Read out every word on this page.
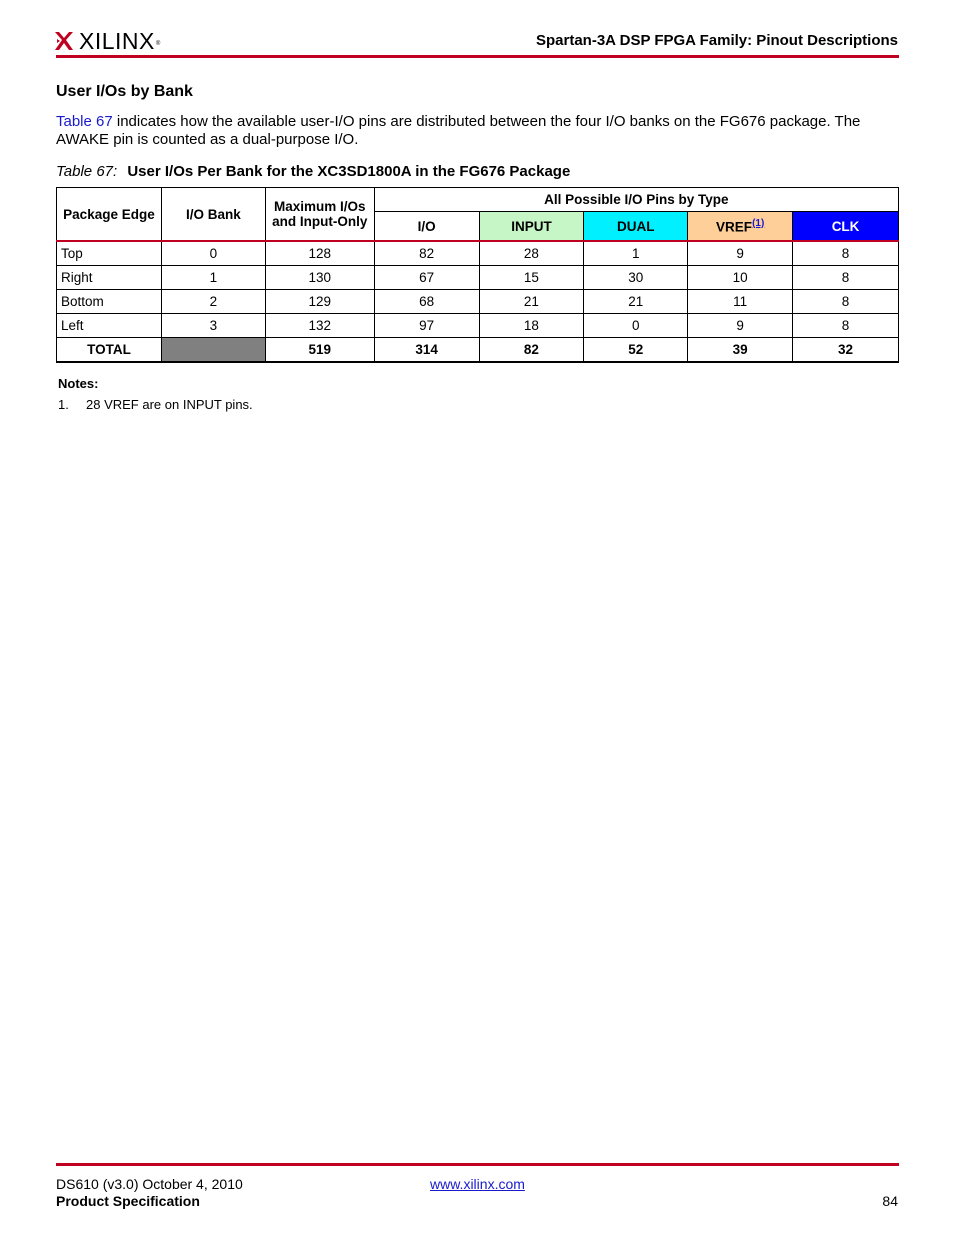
XILINX®	Spartan-3A DSP FPGA Family: Pinout Descriptions
User I/Os by Bank
Table 67 indicates how the available user-I/O pins are distributed between the four I/O banks on the FG676 package. The AWAKE pin is counted as a dual-purpose I/O.
Table 67: User I/Os Per Bank for the XC3SD1800A in the FG676 Package
Package Edge	I/O Bank	Maximum I/Os and Input-Only	All Possible I/O Pins by Type				
			I/O	INPUT	DUAL	VREF$^{(1)}$	CLK
Top	0	128	82	28	1	9	8
Right	1	130	67	15	30	10	8
Bottom	2	129	68	21	21	11	8
Left	3	132	97	18	0	9	8
TOTAL		519	314	82	52	39	32
Notes:
1. 28 VREF are on INPUT pins.
DS610 (v3.0) October 4, 2010
Product Specification
www.xilinx.com
84
